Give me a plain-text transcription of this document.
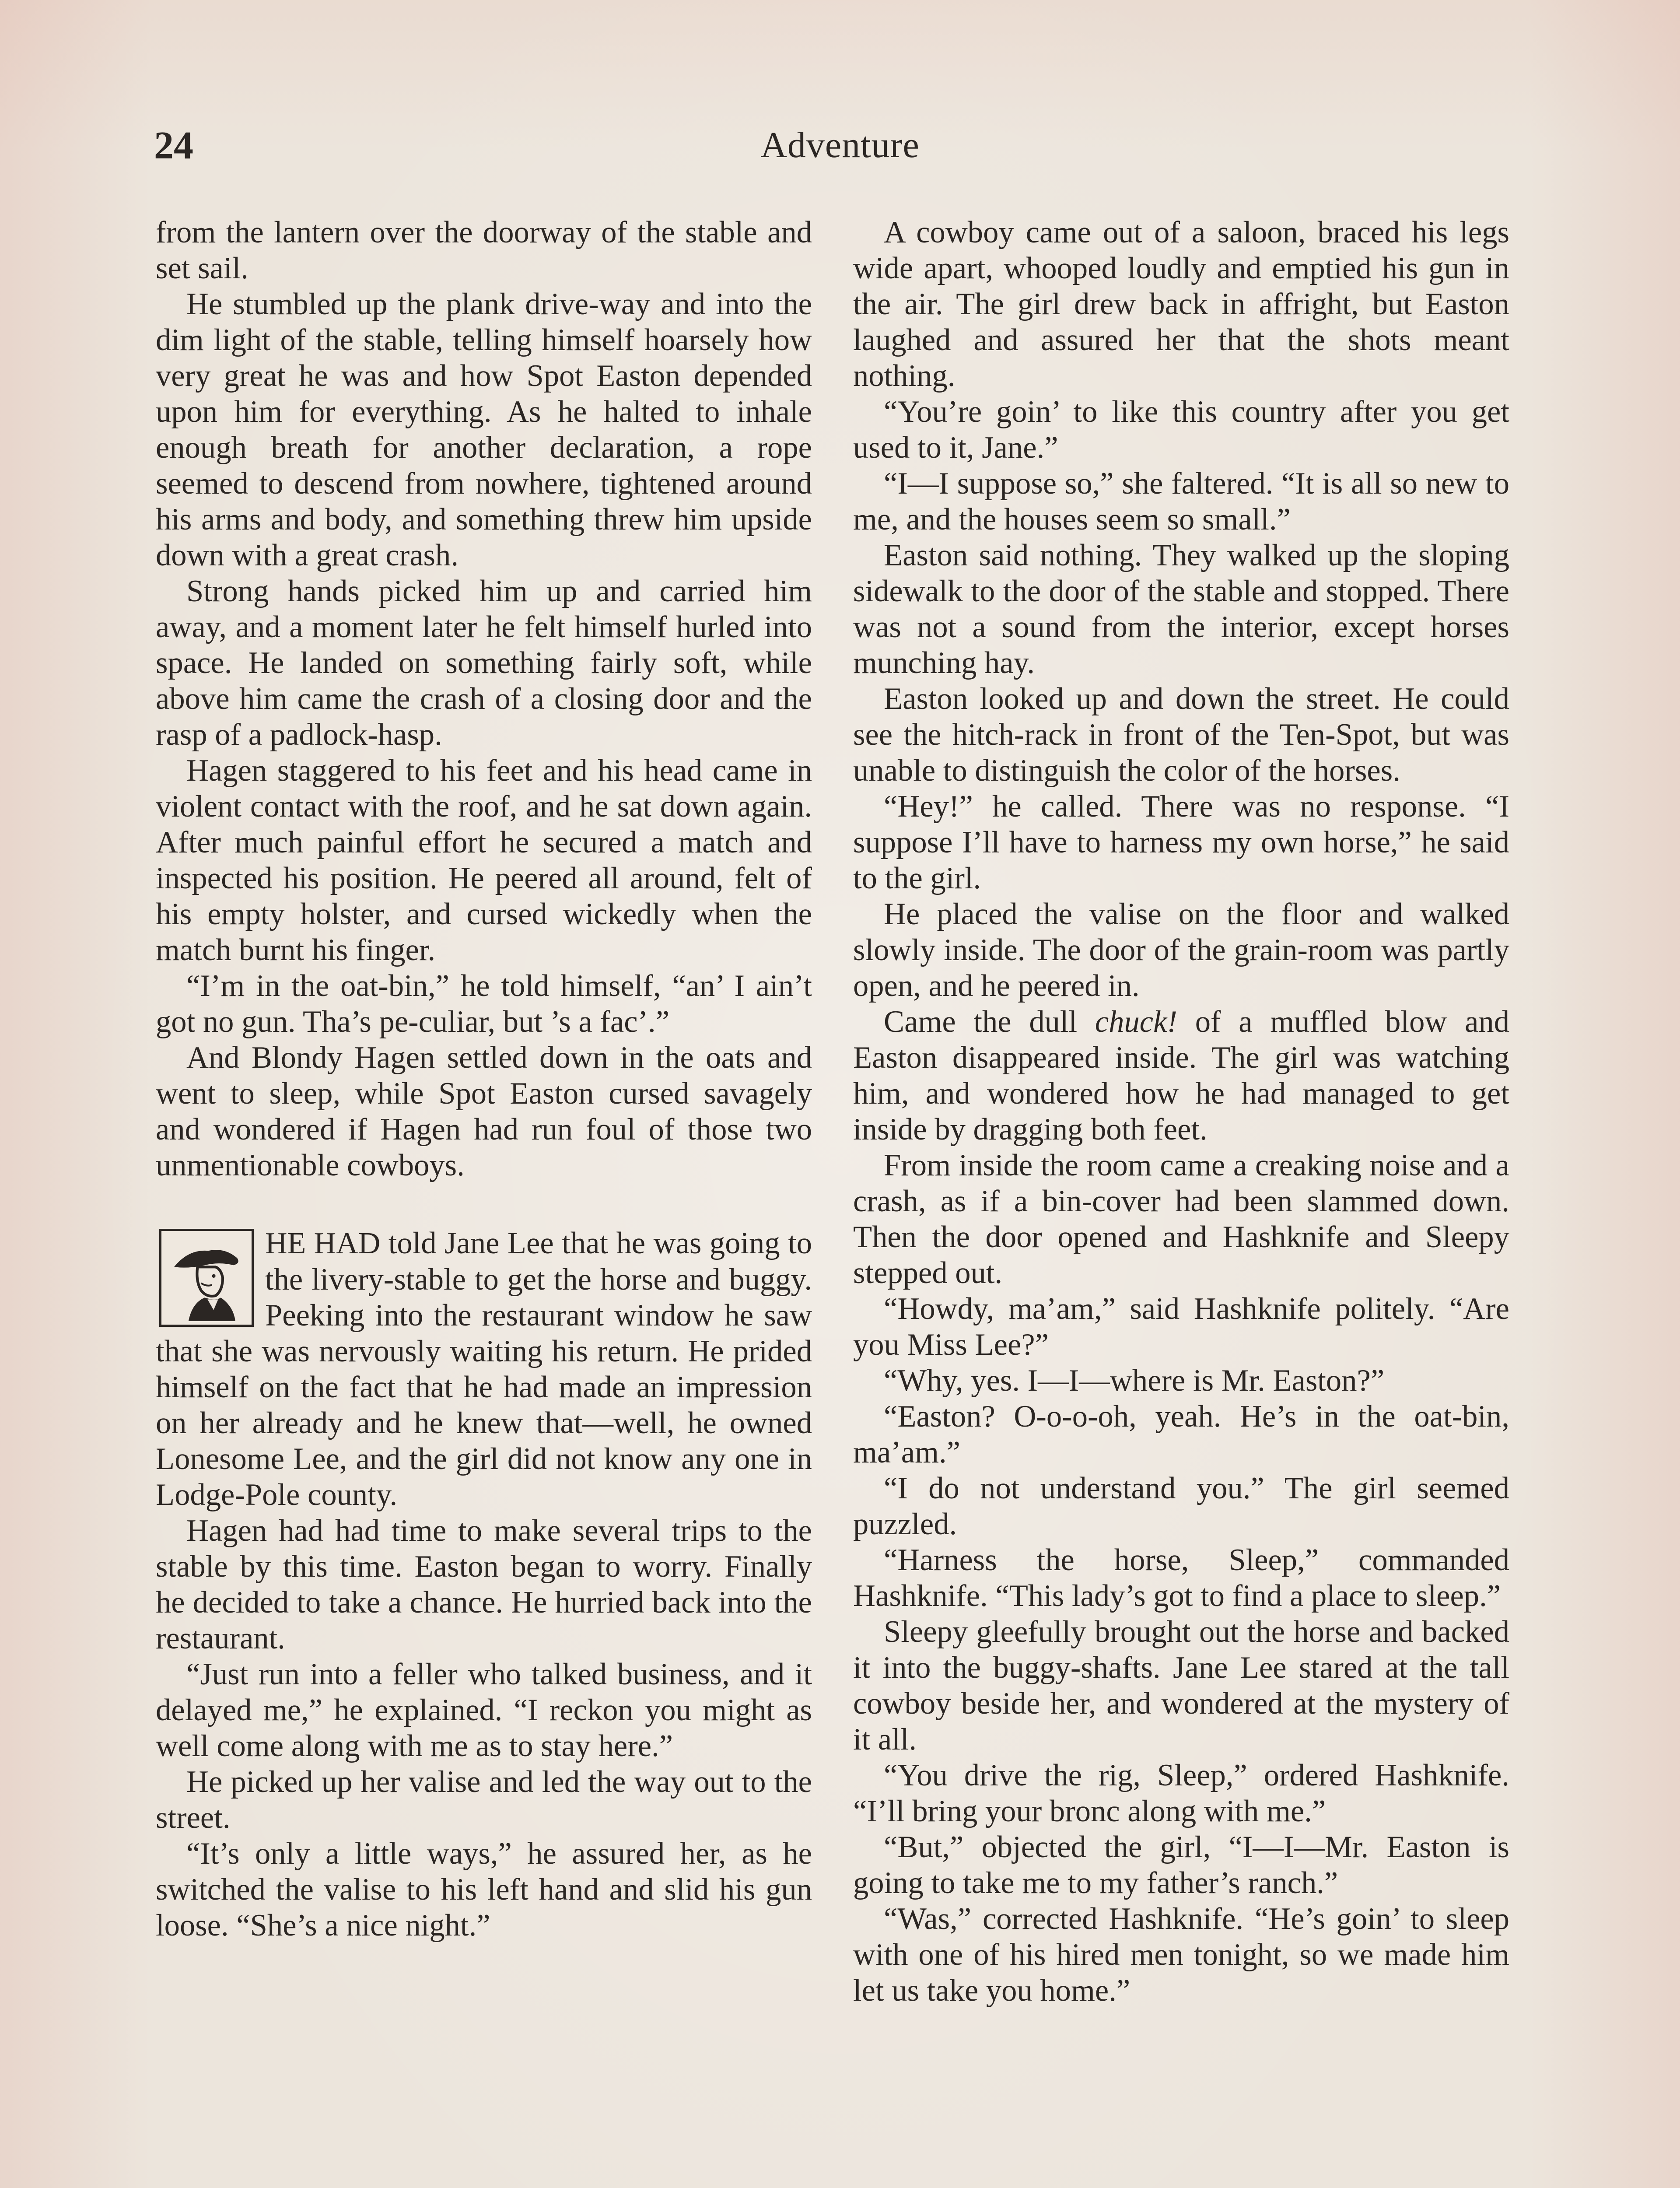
24	Adventure

from the lantern over the doorway of the stable and set sail.

He stumbled up the plank drive-way and into the dim light of the stable, telling himself hoarsely how very great he was and how Spot Easton depended upon him for everything. As he halted to inhale enough breath for another declaration, a rope seemed to descend from nowhere, tightened around his arms and body, and something threw him upside down with a great crash.

Strong hands picked him up and carried him away, and a moment later he felt himself hurled into space. He landed on something fairly soft, while above him came the crash of a closing door and the rasp of a padlock-hasp.

Hagen staggered to his feet and his head came in violent contact with the roof, and he sat down again. After much painful effort he secured a match and inspected his position. He peered all around, felt of his empty holster, and cursed wickedly when the match burnt his finger.

“I’m in the oat-bin,” he told himself, “an’ I ain’t got no gun. Tha’s pe-culiar, but ’s a fac’.”

And Blondy Hagen settled down in the oats and went to sleep, while Spot Easton cursed savagely and wondered if Hagen had run foul of those two unmentionable cowboys.

HE HAD told Jane Lee that he was going to the livery-stable to get the horse and buggy. Peeking into the restaurant window he saw that she was nervously waiting his return. He prided himself on the fact that he had made an impression on her already and he knew that—well, he owned Lonesome Lee, and the girl did not know any one in Lodge-Pole county.

Hagen had had time to make several trips to the stable by this time. Easton began to worry. Finally he decided to take a chance. He hurried back into the restaurant.

“Just run into a feller who talked business, and it delayed me,” he explained. “I reckon you might as well come along with me as to stay here.”

He picked up her valise and led the way out to the street.

“It’s only a little ways,” he assured her, as he switched the valise to his left hand and slid his gun loose. “She’s a nice night.”

A cowboy came out of a saloon, braced his legs wide apart, whooped loudly and emptied his gun in the air. The girl drew back in affright, but Easton laughed and assured her that the shots meant nothing.

“You’re goin’ to like this country after you get used to it, Jane.”

“I—I suppose so,” she faltered. “It is all so new to me, and the houses seem so small.”

Easton said nothing. They walked up the sloping sidewalk to the door of the stable and stopped. There was not a sound from the interior, except horses munching hay.

Easton looked up and down the street. He could see the hitch-rack in front of the Ten-Spot, but was unable to distinguish the color of the horses.

“Hey!” he called. There was no response. “I suppose I’ll have to harness my own horse,” he said to the girl.

He placed the valise on the floor and walked slowly inside. The door of the grain-room was partly open, and he peered in.

Came the dull chuck! of a muffled blow and Easton disappeared inside. The girl was watching him, and wondered how he had managed to get inside by dragging both feet.

From inside the room came a creaking noise and a crash, as if a bin-cover had been slammed down. Then the door opened and Hashknife and Sleepy stepped out.

“Howdy, ma’am,” said Hashknife politely. “Are you Miss Lee?”

“Why, yes. I—I—where is Mr. Easton?”

“Easton? O-o-o-oh, yeah. He’s in the oat-bin, ma’am.”

“I do not understand you.” The girl seemed puzzled.

“Harness the horse, Sleep,” commanded Hashknife. “This lady’s got to find a place to sleep.”

Sleepy gleefully brought out the horse and backed it into the buggy-shafts. Jane Lee stared at the tall cowboy beside her, and wondered at the mystery of it all.

“You drive the rig, Sleep,” ordered Hashknife. “I’ll bring your bronc along with me.”

“But,” objected the girl, “I—I—Mr. Easton is going to take me to my father’s ranch.”

“Was,” corrected Hashknife. “He’s goin’ to sleep with one of his hired men tonight, so we made him let us take you home.”
